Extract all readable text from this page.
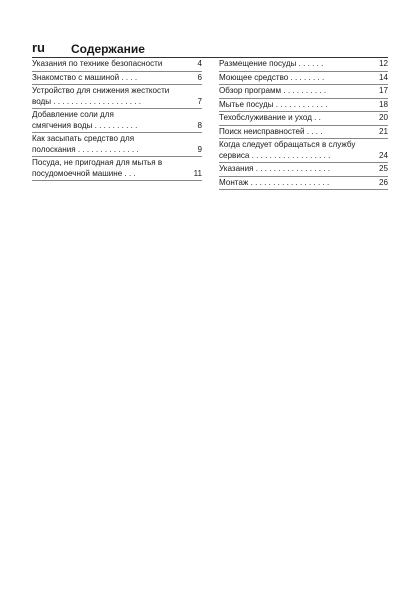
ru Содержание
Указания по технике безопасности	4
Знакомство с машиной . . . .	6
Устройство для снижения жесткости
воды . . . . . . . . . . . . . . . . . . . .	7
Добавление соли для
смягчения воды . . . . . . . . . .	8
Как засыпать средство для
полоскания . . . . . . . . . . . . . .	9
Посуда, не пригодная для мытья в
посудомоечной машине . . .	11
Размещение посуды . . . . . .	12
Моющее средство . . . . . . . .	14
Обзор программ . . . . . . . . . .	17
Мытье посуды . . . . . . . . . . . .	18
Техобслуживание и уход . .	20
Поиск неисправностей . . . .	21
Когда следует обращаться в службу
сервиса . . . . . . . . . . . . . . . . . .	24
Указания . . . . . . . . . . . . . . . . .	25
Монтаж . . . . . . . . . . . . . . . . . .	26
